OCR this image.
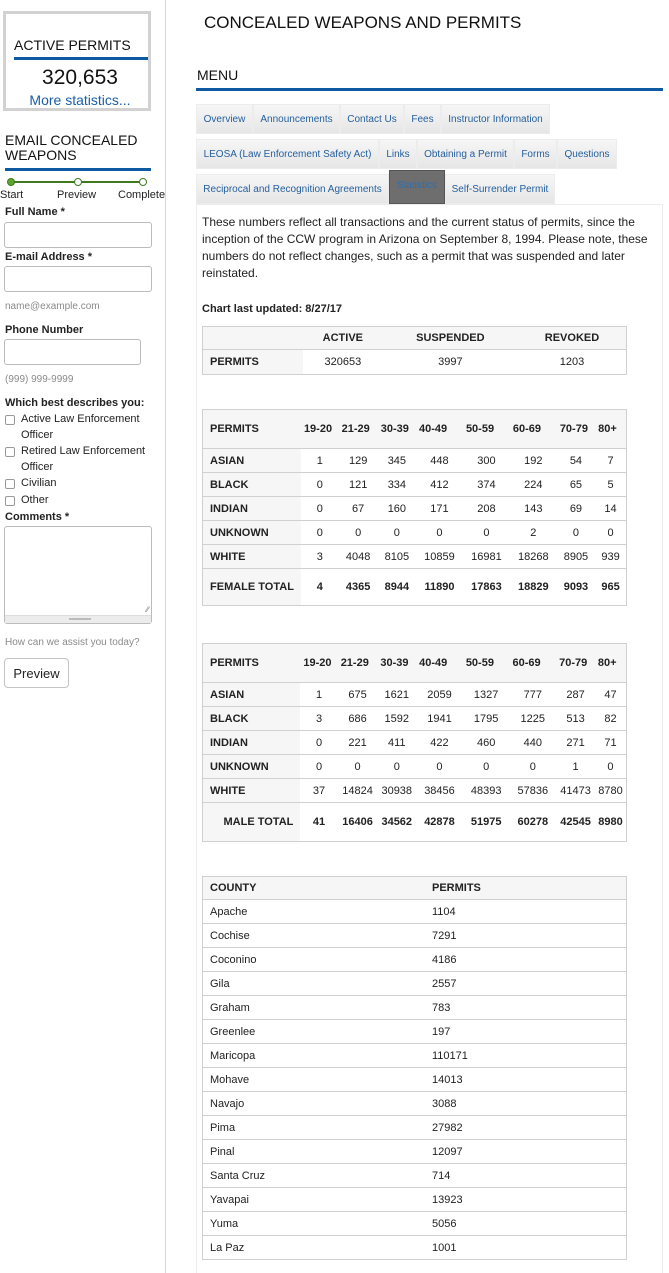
ACTIVE PERMITS
320,653
More statistics...
EMAIL CONCEALED WEAPONS
Start	Preview Complete
Full Name *
E-mail Address *
name@example.com
Phone Number
(999) 999-9999
Which best describes you:
Active Law Enforcement Officer
Retired Law Enforcement Officer
Civilian
Other
Comments *
∕∕
How can we assist you today?
Preview
CONCEALED WEAPONS AND PERMITS
MENU
Overview	Announcements	Contact Us	Fees	Instructor Information
LEOSA (Law Enforcement Safety Act)	Links	Obtaining a Permit	Forms	Questions
Reciprocal and Recognition Agreements	Statistics	Self-Surrender Permit
These numbers reflect all transactions and the current status of permits, since the inception of the CCW program in Arizona on September 8, 1994. Please note, these numbers do not reflect changes, such as a permit that was suspended and later reinstated.
Chart last updated: 8/27/17
	ACTIVE	SUSPENDED	REVOKED
PERMITS	320653	3997	1203
PERMITS	19-20	21-29	30-39	40-49	50-59	60-69	70-79	80+
ASIAN	1	129	345	448	300	192	54	7
BLACK	0	121	334	412	374	224	65	5
INDIAN	0	67	160	171	208	143	69	14
UNKNOWN	0	0	0	0	0	2	0	0
WHITE	3	4048	8105	10859	16981	18268	8905	939
FEMALE TOTAL	4	4365	8944	11890	17863	18829	9093	965
PERMITS	19-20	21-29	30-39	40-49	50-59	60-69	70-79	80+
ASIAN	1	675	1621	2059	1327	777	287	47
BLACK	3	686	1592	1941	1795	1225	513	82
INDIAN	0	221	411	422	460	440	271	71
UNKNOWN	0	0	0	0	0	0	1	0
WHITE	37	14824	30938	38456	48393	57836	41473	8780
MALE TOTAL	41	16406	34562	42878	51975	60278	42545	8980
COUNTY	PERMITS
Apache	1104
Cochise	7291
Coconino	4186
Gila	2557
Graham	783
Greenlee	197
Maricopa	110171
Mohave	14013
Navajo	3088
Pima	27982
Pinal	12097
Santa Cruz	714
Yavapai	13923
Yuma	5056
La Paz	1001
